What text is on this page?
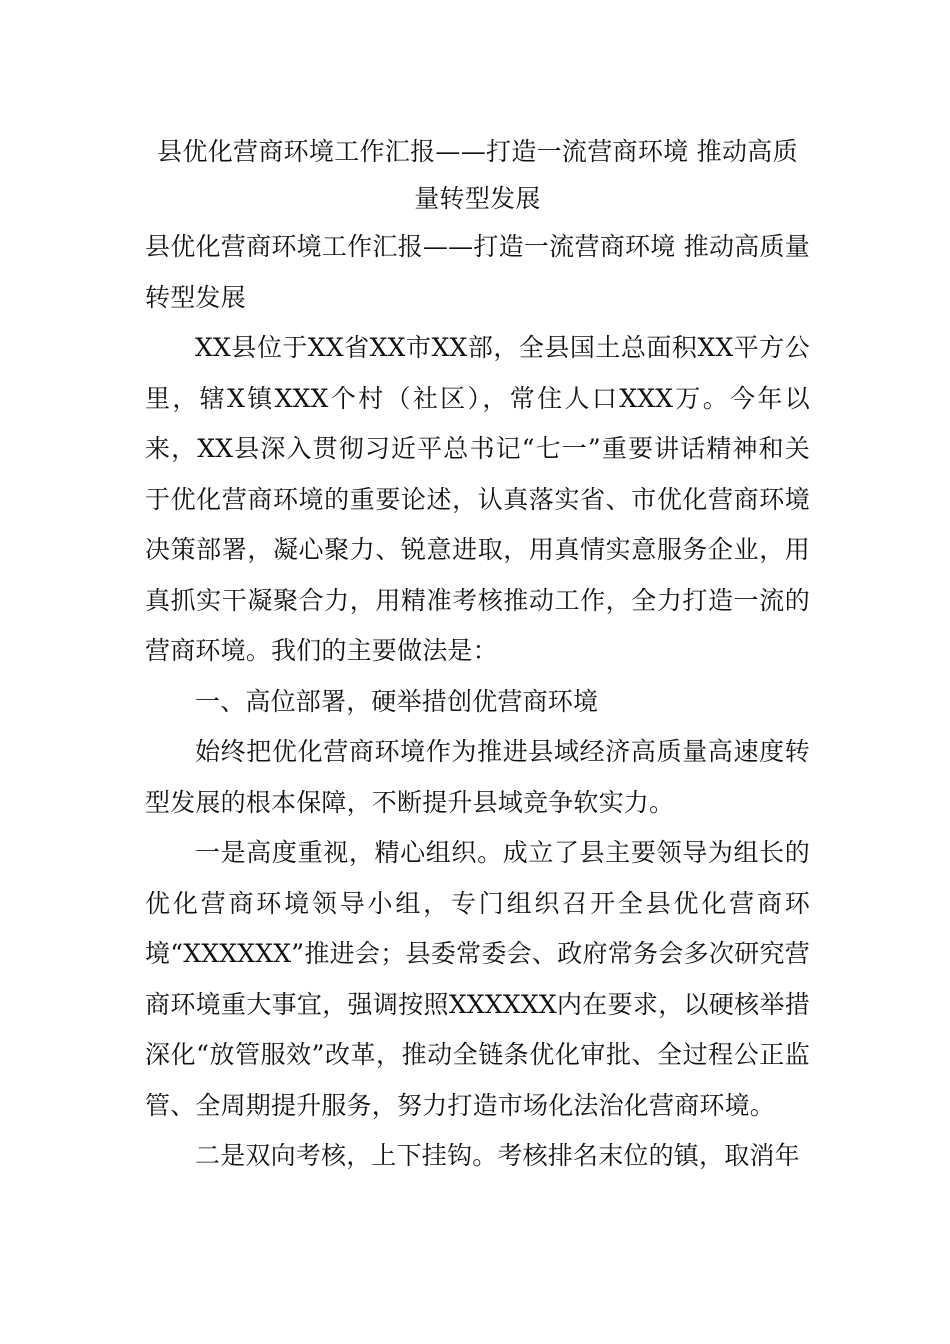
县优化营商环境工作汇报——打造一流营商环境 推动高质量转型发展

县优化营商环境工作汇报——打造一流营商环境 推动高质量转型发展

XX县位于XX省XX市XX部，全县国土总面积XX平方公里，辖X镇XXX个村（社区），常住人口XXX万。今年以来，XX县深入贯彻习近平总书记“七一”重要讲话精神和关于优化营商环境的重要论述，认真落实省、市优化营商环境决策部署，凝心聚力、锐意进取，用真情实意服务企业，用真抓实干凝聚合力，用精准考核推动工作，全力打造一流的营商环境。我们的主要做法是：

一、高位部署，硬举措创优营商环境

始终把优化营商环境作为推进县域经济高质量高速度转型发展的根本保障，不断提升县域竞争软实力。

一是高度重视，精心组织。成立了县主要领导为组长的优化营商环境领导小组，专门组织召开全县优化营商环境“XXXXXX”推进会；县委常委会、政府常务会多次研究营商环境重大事宜，强调按照XXXXXX内在要求，以硬核举措深化“放管服效”改革，推动全链条优化审批、全过程公正监管、全周期提升服务，努力打造市场化法治化营商环境。

二是双向考核，上下挂钩。考核排名末位的镇，取消年
